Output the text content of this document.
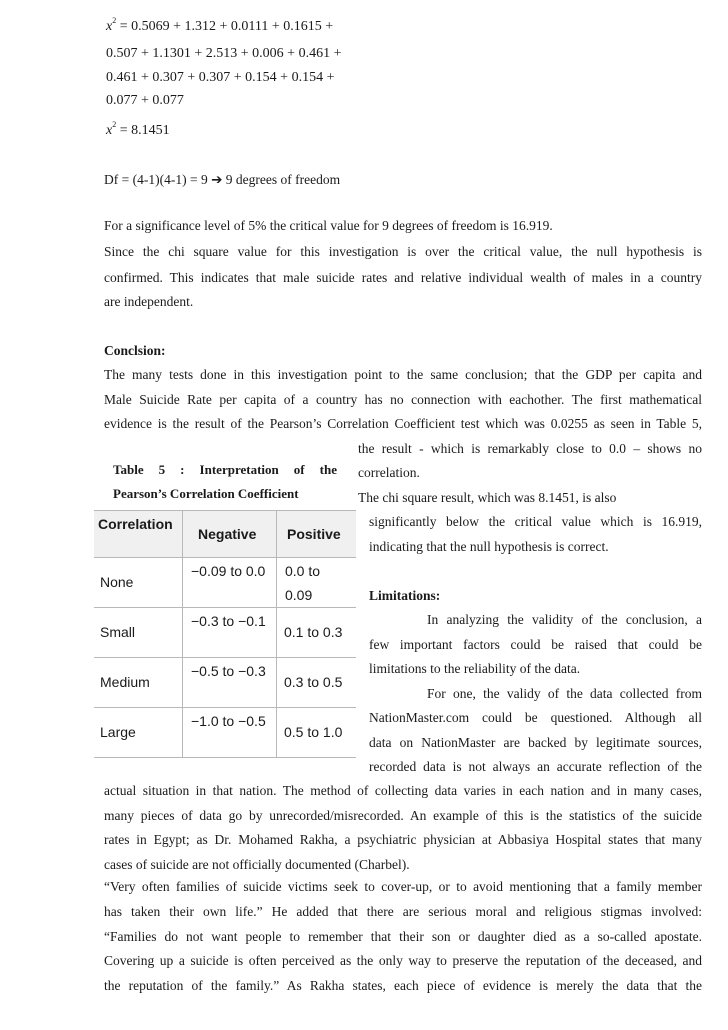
$x^2 = 0.5069 + 1.312 + 0.0111 + 0.1615$ +
0.507 + 1.1301 + 2.513 + 0.006 + 0.461 +
0.461 + 0.307 + 0.307 + 0.154 + 0.154 +
0.077 + 0.077
$x^2 = 8.1451$
Df = (4-1)(4-1) = 9 ➔ 9 degrees of freedom
For a significance level of 5% the critical value for 9 degrees of freedom is 16.919.
Since the chi square value for this investigation is over the critical value, the null hypothesis is
confirmed. This indicates that male suicide rates and relative individual wealth of males in a country
are independent.
Conclsion:
The many tests done in this investigation point to the same conclusion; that the GDP per capita and
Male Suicide Rate per capita of a country has no connection with eachother. The first mathematical
evidence is the result of the Pearson’s Correlation Coefficient test which was 0.0255 as seen in Table 5,
the result - which is remarkably close to 0.0 – shows no
correlation.
The chi square result, which was 8.1451, is also
significantly below the critical value which is 16.919,
indicating that the null hypothesis is correct.
Table 5 : Interpretation of the
Pearson’s Correlation Coefficient
Correlation
Negative	Positive
None
−0.09 to 0.0	0.0 to 0.09
Small
−0.3 to −0.1
0.1 to 0.3
Medium
−0.5 to −0.3
0.3 to 0.5
Large
−1.0 to −0.5
0.5 to 1.0
Limitations:
In analyzing the validity of the conclusion, a
few important factors could be raised that could be
limitations to the reliability of the data.
For one, the validy of the data collected from
NationMaster.com could be questioned. Although all
data on NationMaster are backed by legitimate sources,
recorded data is not always an accurate reflection of the
actual situation in that nation. The method of collecting data varies in each nation and in many cases,
many pieces of data go by unrecorded/misrecorded. An example of this is the statistics of the suicide
rates in Egypt; as Dr. Mohamed Rakha, a psychiatric physician at Abbasiya Hospital states that many
cases of suicide are not officially documented (Charbel).
“Very often families of suicide victims seek to cover-up, or to avoid mentioning that a family member
has taken their own life.” He added that there are serious moral and religious stigmas involved:
“Families do not want people to remember that their son or daughter died as a so-called apostate.
Covering up a suicide is often perceived as the only way to preserve the reputation of the deceased, and
the reputation of the family.” As Rakha states, each piece of evidence is merely the data that the
